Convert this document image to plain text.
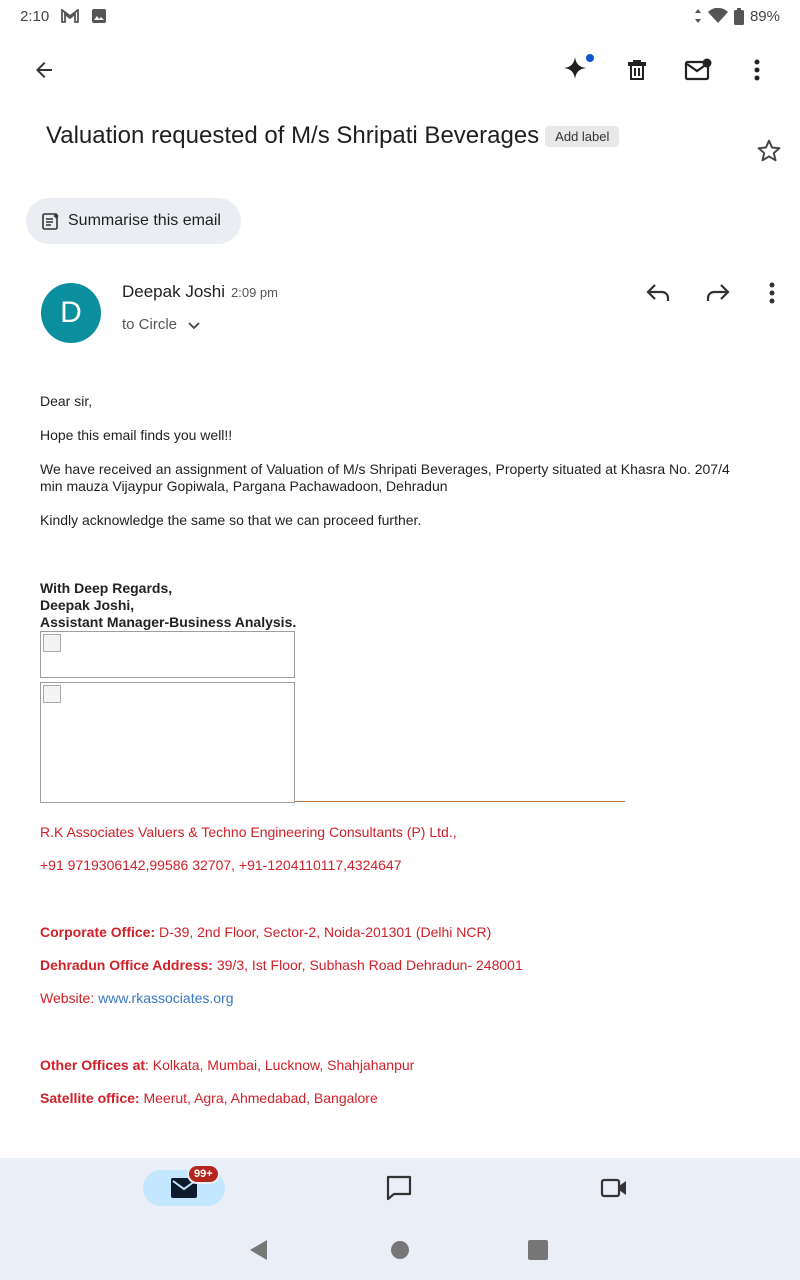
2:10	89%
Valuation requested of M/s Shripati Beverages	Add label
Summarise this email
D
Deepak Joshi 2:09 pm
to Circle
Dear sir,
Hope this email finds you well!!
We have received an assignment of Valuation of M/s Shripati Beverages, Property situated at Khasra No. 207/4
min mauza Vijaypur Gopiwala, Pargana Pachawadoon, Dehradun
Kindly acknowledge the same so that we can proceed further.
With Deep Regards,
Deepak Joshi,
Assistant Manager-Business Analysis.
R.K Associates Valuers & Techno Engineering Consultants (P) Ltd.,
+91 9719306142,99586 32707, +91-1204110117,4324647
Corporate Office: D-39, 2nd Floor, Sector-2, Noida-201301 (Delhi NCR)
Dehradun Office Address: 39/3, Ist Floor, Subhash Road Dehradun- 248001
Website: www.rkassociates.org
Other Offices at: Kolkata, Mumbai, Lucknow, Shahjahanpur
Satellite office: Meerut, Agra, Ahmedabad, Bangalore
99+
